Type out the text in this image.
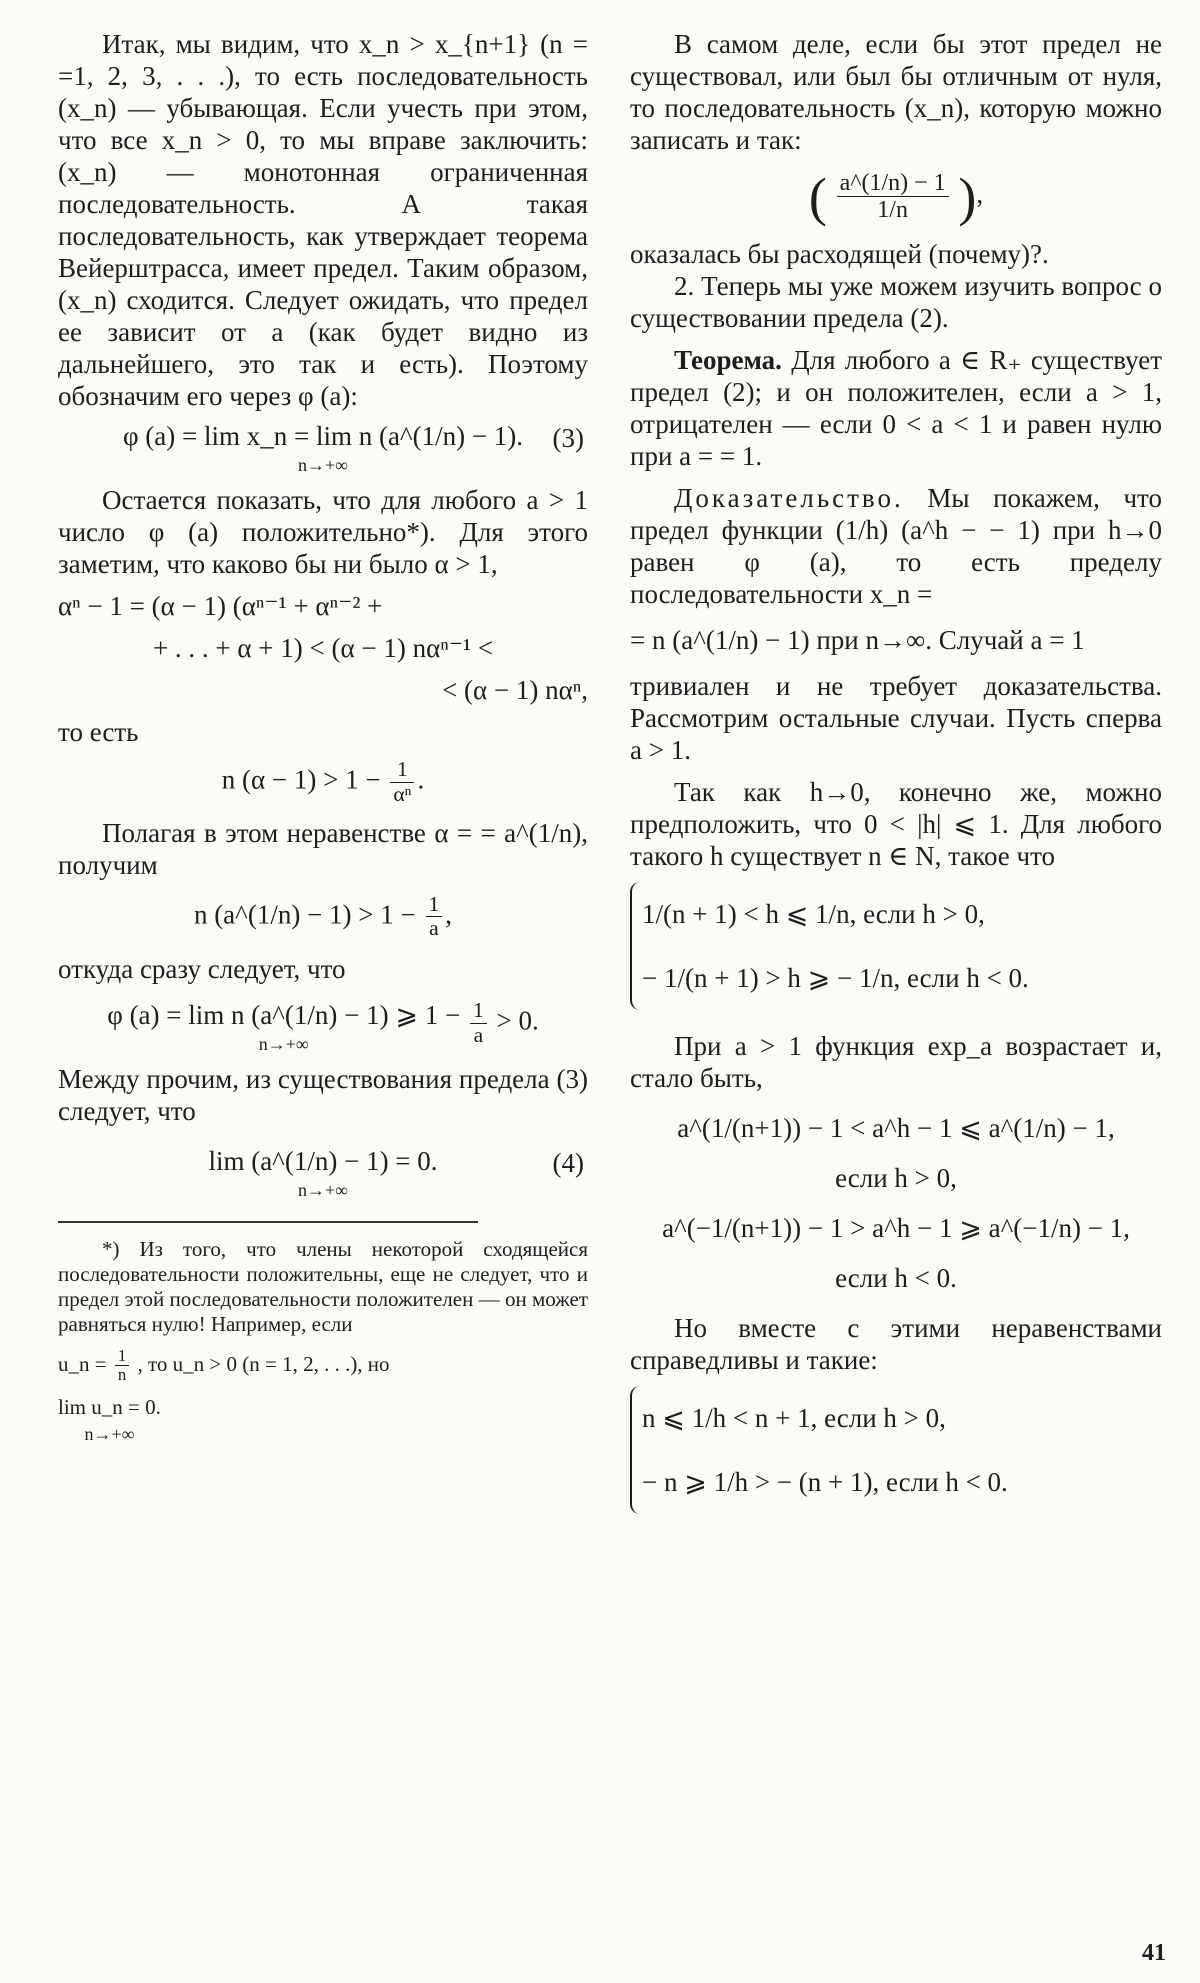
Итак, мы видим, что x_n > x_{n+1} (n = =1, 2, 3, . . .), то есть последовательность (x_n) — убывающая. Если учесть при этом, что все x_n > 0, то мы вправе заключить: (x_n) — монотонная ограниченная последовательность. А такая последовательность, как утверждает теорема Вейерштрасса, имеет предел. Таким образом, (x_n) сходится. Следует ожидать, что предел ее зависит от a (как будет видно из дальнейшего, это так и есть). Поэтому обозначим его через φ (a):

φ (a) = lim x_n = lim n (a^(1/n) − 1).
n→+∞
(3)

Остается показать, что для любого a > 1 число φ (a) положительно*). Для этого заметим, что каково бы ни было α > 1,

αⁿ − 1 = (α − 1) (αⁿ⁻¹ + αⁿ⁻² +
+ . . . + α + 1) < (α − 1) nαⁿ⁻¹ <
< (α − 1) nαⁿ,

то есть

n $(\alpha - 1) > 1 - \frac{1}{\text{αⁿ}}$ .

Полагая в этом неравенстве α = = a^(1/n), получим

n (a^(1/n) − $1) > 1 - \frac{1}{a}$ ,

откуда сразу следует, что

φ (a) = lim n (a^(1/n) − 1) ⩾ 1 −
n→+∞
	$\frac{1}{a} > 0$.

Между прочим, из существования предела (3) следует, что

lim (a^(1/n) − 1) = 0.
n→+∞
(4)

*) Из того, что члены некоторой сходящейся последовательности положительны, еще не следует, что и предел этой последовательности положителен — он может равняться нулю! Например, если

u_n = $\frac{1}{n}$ , то u_n > 0 (n = 1, 2, . . .), но
lim u_n = 0.
n→+∞

В самом деле, если бы этот предел не существовал, или был бы отличным от нуля, то последовательность (x_n), которую можно записать и так:

( $\frac{a\^{}(1/n) - 1}{1/n}$ ),

оказалась бы расходящей (почему)?.

2. Теперь мы уже можем изучить вопрос о существовании предела (2).

Теорема. Для любого a ∈ R₊ существует предел (2); и он положителен, если a > 1, отрицателен — если 0 < a < 1 и равен нулю при a = = 1.

Доказательство. Мы покажем, что предел функции (1/h) (a^h − − 1) при h→0 равен φ (a), то есть пределу последовательности x_n =

= n (a^(1/n) − 1) при n→∞. Случай a = 1

тривиален и не требует доказательства. Рассмотрим остальные случаи. Пусть сперва a > 1.

Так как h→0, конечно же, можно предположить, что 0 < |h| ⩽ 1. Для любого такого h существует n ∈ N, такое что

1/(n + 1) < h ⩽ 1/n, если h > 0,
− 1/(n + 1) > h ⩾ − 1/n, если h < 0.

При a > 1 функция exp_a возрастает и, стало быть,

a^(1/(n+1)) − 1 < a^h − 1 ⩽ a^(1/n) − 1,
если h > 0,
a^(−1/(n+1)) − 1 > a^h − 1 ⩾ a^(−1/n) − 1,
если h < 0.

Но вместе с этими неравенствами справедливы и такие:

n ⩽ 1/h < n + 1, если h > 0,
− n ⩾ 1/h > − (n + 1), если h < 0.
41
